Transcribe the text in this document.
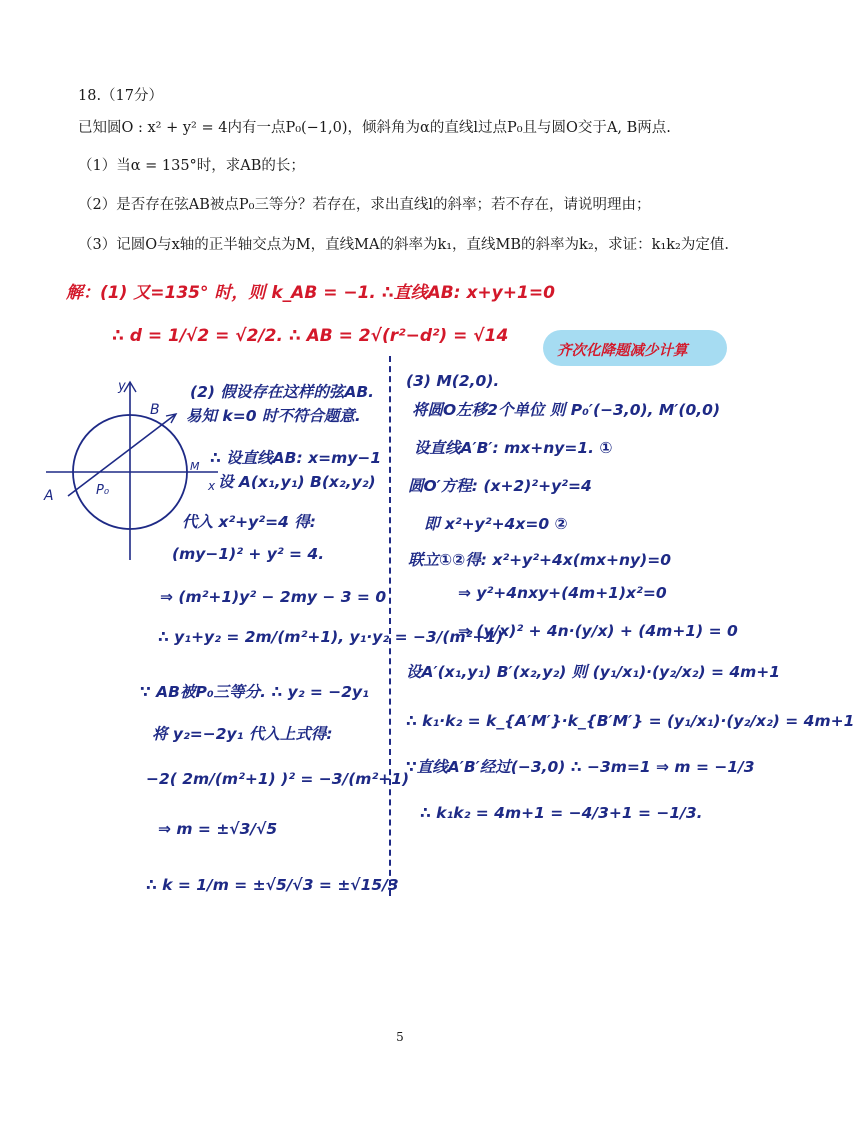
18.（17分）
已知圆O : x² + y² = 4内有一点P₀(−1,0)，倾斜角为α的直线l过点P₀且与圆O交于A, B两点.
（1）当α = 135°时，求AB的长；
（2）是否存在弦AB被点P₀三等分？若存在，求出直线l的斜率；若不存在，请说明理由；
（3）记圆O与x轴的正半轴交点为M，直线MA的斜率为k₁，直线MB的斜率为k₂，求证：k₁k₂为定值.
解：(1) 又=135° 时，则 k_AB = −1. ∴直线AB: x+y+1=0
∴ d = 1/√2 = √2/2. ∴ AB = 2√(r²−d²) = √14
齐次化降题减少计算
y
B
A	P₀
M
x
(2) 假设存在这样的弦AB.
易知 k=0 时不符合题意.
∴ 设直线AB: x=my−1
设 A(x₁,y₁) B(x₂,y₂)
代入 x²+y²=4 得:
(my−1)² + y² = 4.
⇒ (m²+1)y² − 2my − 3 = 0
∴ y₁+y₂ = 2m/(m²+1), y₁·y₂ = −3/(m²+1)
∵ AB被P₀三等分. ∴ y₂ = −2y₁
将 y₂=−2y₁ 代入上式得:
−2( 2m/(m²+1) )² = −3/(m²+1)
⇒ m = ±√3/√5
∴ k = 1/m = ±√5/√3 = ±√15/3
(3) M(2,0).
将圆O左移2个单位 则 P₀′(−3,0), M′(0,0)
设直线A′B′: mx+ny=1. ①
圆O′方程: (x+2)²+y²=4
即 x²+y²+4x=0 ②
联立①②得: x²+y²+4x(mx+ny)=0
⇒ y²+4nxy+(4m+1)x²=0
⇒ (y/x)² + 4n·(y/x) + (4m+1) = 0
设A′(x₁,y₁) B′(x₂,y₂) 则 (y₁/x₁)·(y₂/x₂) = 4m+1
∴ k₁·k₂ = k_{A′M′}·k_{B′M′} = (y₁/x₁)·(y₂/x₂) = 4m+1
∵直线A′B′经过(−3,0) ∴ −3m=1 ⇒ m = −1/3
∴ k₁k₂ = 4m+1 = −4/3+1 = −1/3.
5
